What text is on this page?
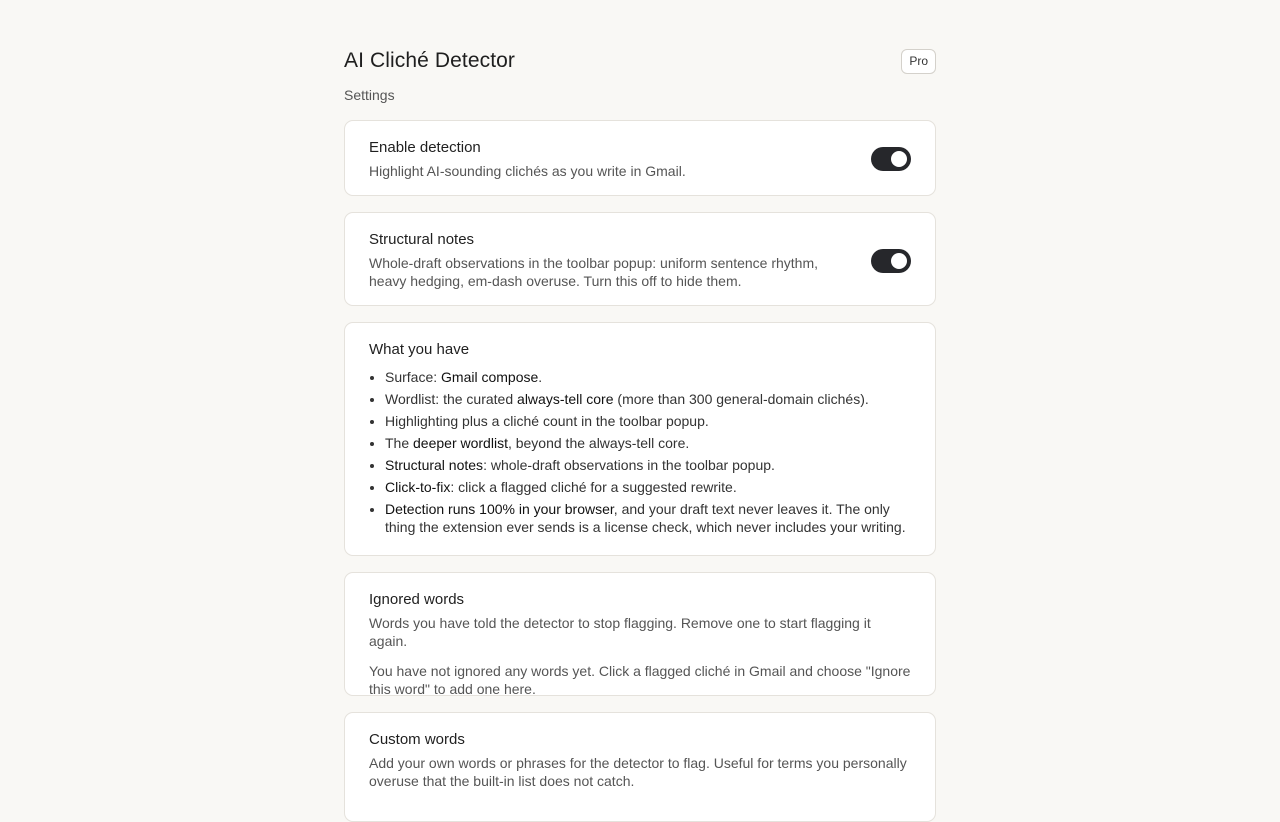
AI Cliché Detector
Settings
Pro
Enable detection
Highlight AI-sounding clichés as you write in Gmail.
Structural notes
Whole-draft observations in the toolbar popup: uniform sentence rhythm, heavy hedging, em-dash overuse. Turn this off to hide them.
What you have
• Surface: Gmail compose.
• Wordlist: the curated always-tell core (more than 300 general-domain clichés).
• Highlighting plus a cliché count in the toolbar popup.
• The deeper wordlist, beyond the always-tell core.
• Structural notes: whole-draft observations in the toolbar popup.
• Click-to-fix: click a flagged cliché for a suggested rewrite.
• Detection runs 100% in your browser, and your draft text never leaves it. The only thing the extension ever sends is a license check, which never includes your writing.
Ignored words
Words you have told the detector to stop flagging. Remove one to start flagging it again.
You have not ignored any words yet. Click a flagged cliché in Gmail and choose "Ignore this word" to add one here.
Custom words
Add your own words or phrases for the detector to flag. Useful for terms you personally overuse that the built-in list does not catch.
